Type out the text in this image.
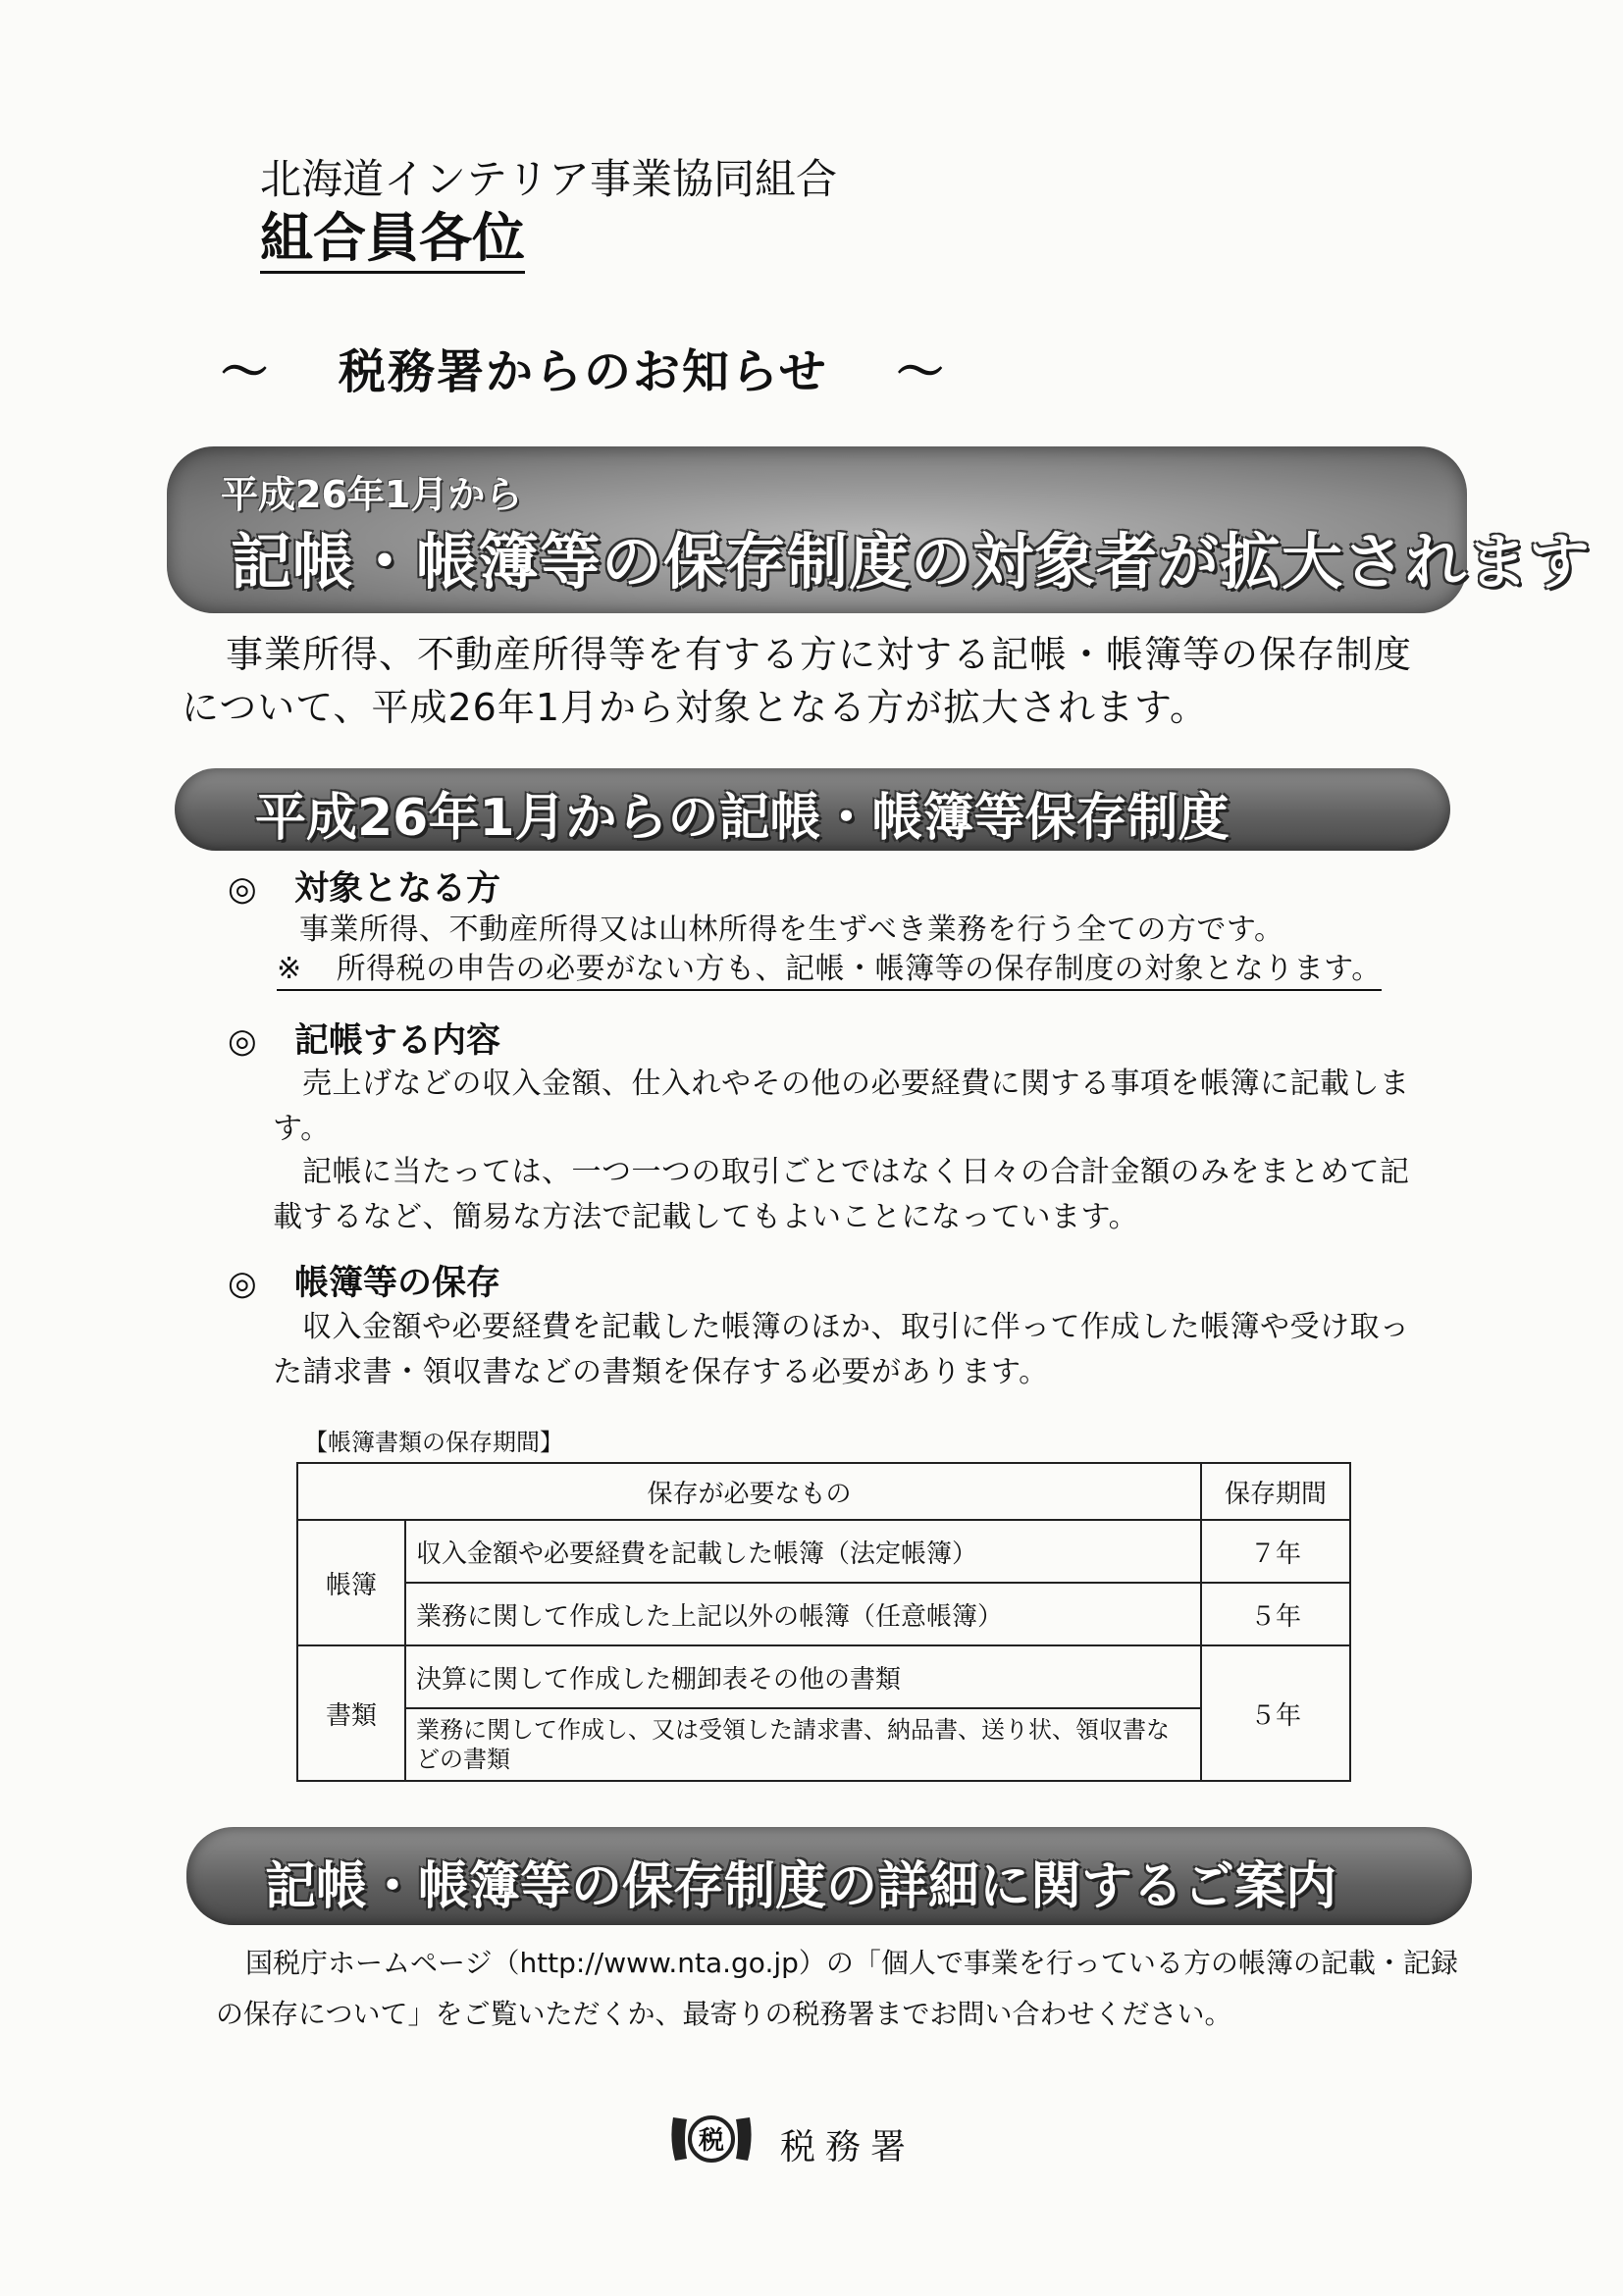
北海道インテリア事業協同組合
組合員各位
～ 税務署からのお知らせ ～
平成26年1月から
記帳・帳簿等の保存制度の対象者が拡大されます
事業所得、不動産所得等を有する方に対する記帳・帳簿等の保存制度について、平成26年1月から対象となる方が拡大されます。
平成26年1月からの記帳・帳簿等保存制度
◎ 対象となる方
事業所得、不動産所得又は山林所得を生ずべき業務を行う全ての方です。
※ 所得税の申告の必要がない方も、記帳・帳簿等の保存制度の対象となります。
◎ 記帳する内容
売上げなどの収入金額、仕入れやその他の必要経費に関する事項を帳簿に記載します。
記帳に当たっては、一つ一つの取引ごとではなく日々の合計金額のみをまとめて記載するなど、簡易な方法で記載してもよいことになっています。
◎ 帳簿等の保存
収入金額や必要経費を記載した帳簿のほか、取引に伴って作成した帳簿や受け取った請求書・領収書などの書類を保存する必要があります。
【帳簿書類の保存期間】
保存が必要なもの		保存期間
帳簿	収入金額や必要経費を記載した帳簿（法定帳簿）	７年
	業務に関して作成した上記以外の帳簿（任意帳簿）	５年
書類	決算に関して作成した棚卸表その他の書類	５年
	業務に関して作成し、又は受領した請求書、納品書、送り状、領収書などの書類	
記帳・帳簿等の保存制度の詳細に関するご案内
国税庁ホームページ（http://www.nta.go.jp）の「個人で事業を行っている方の帳簿の記載・記録の保存について」をご覧いただくか、最寄りの税務署までお問い合わせください。
税 税務署
